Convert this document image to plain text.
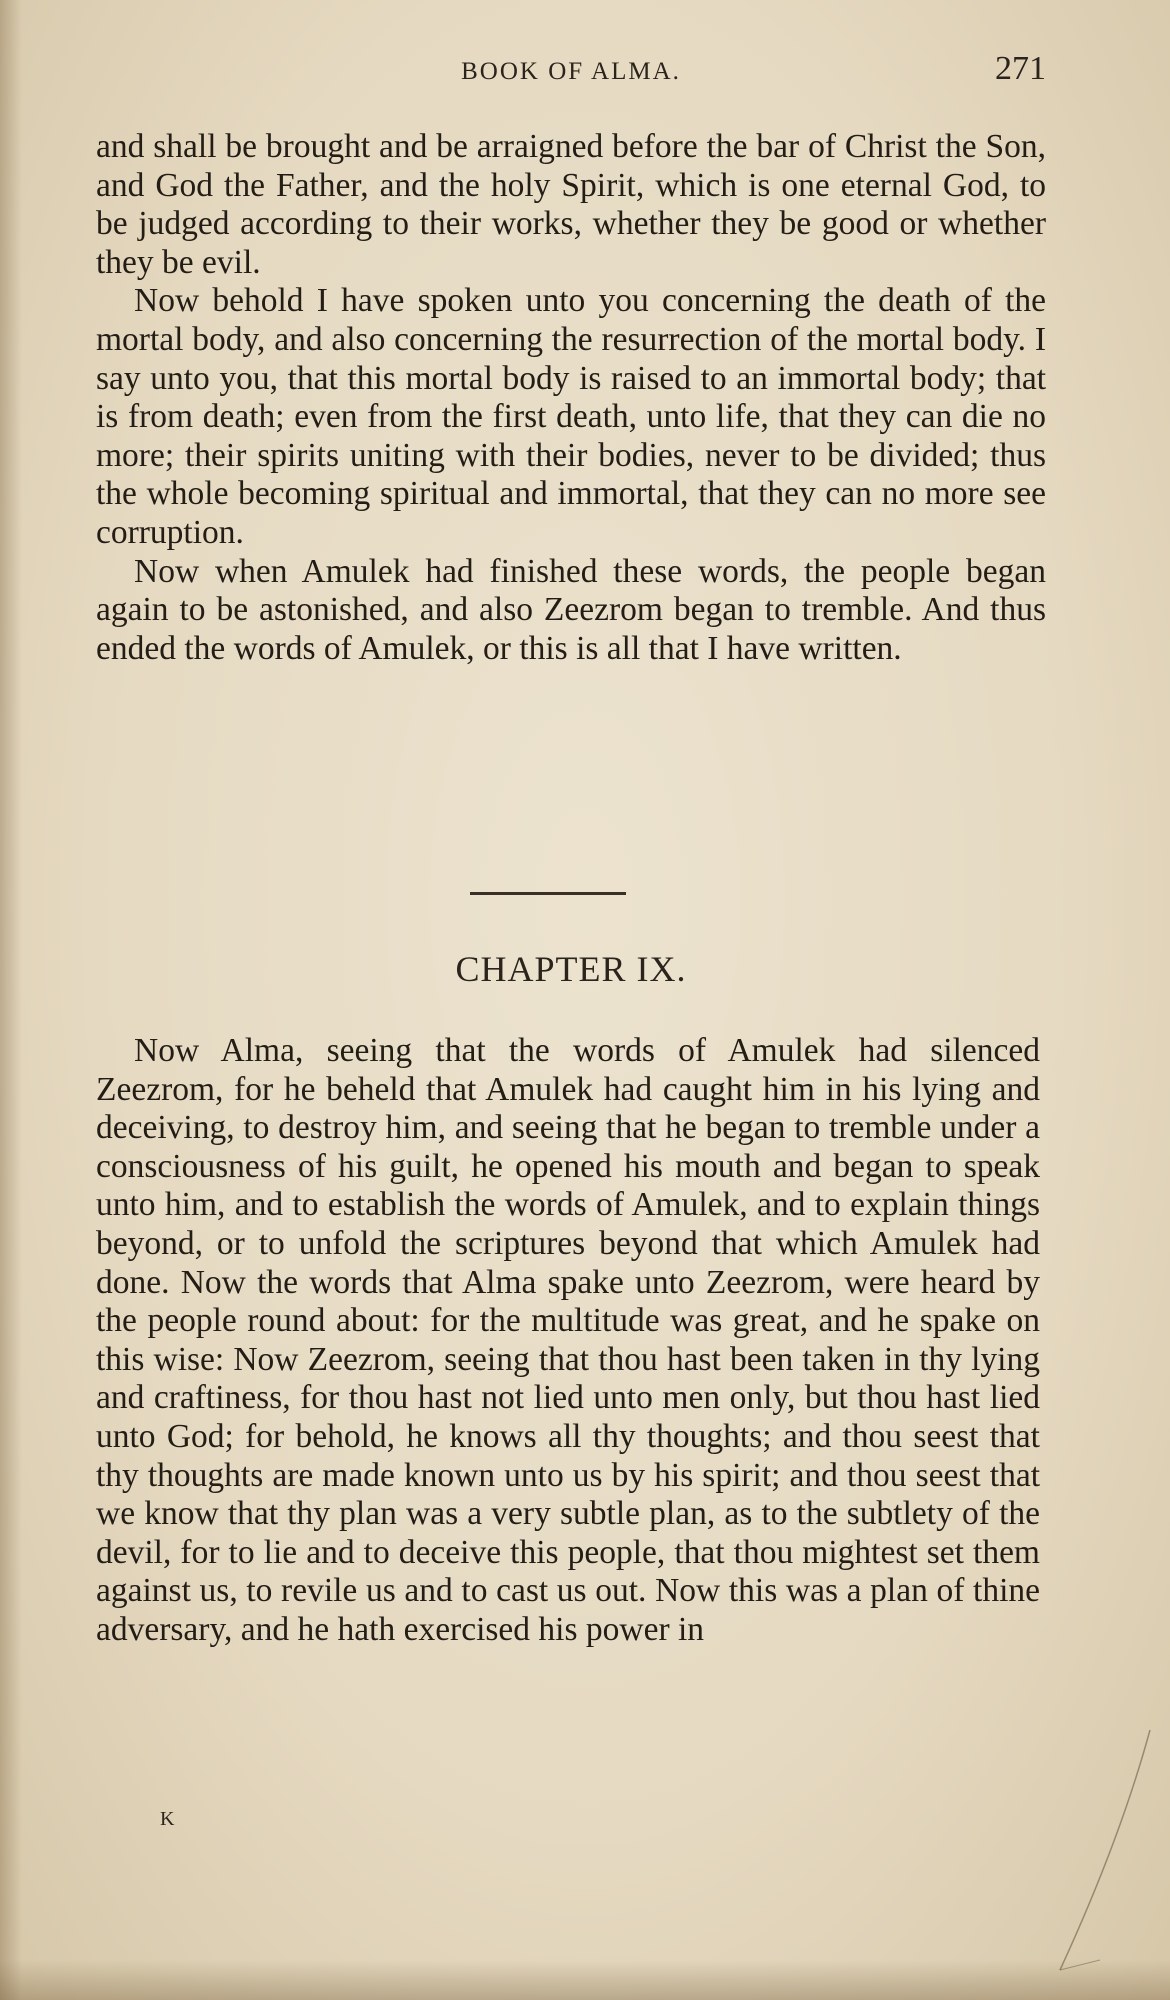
BOOK OF ALMA.	271

and shall be brought and be arraigned before the bar of Christ the Son, and God the Father, and the holy Spirit, which is one eternal God, to be judged according to their works, whether they be good or whether they be evil.

Now behold I have spoken unto you concerning the death of the mortal body, and also concerning the resurrection of the mortal body. I say unto you, that this mortal body is raised to an immortal body; that is from death; even from the first death, unto life, that they can die no more; their spirits uniting with their bodies, never to be divided; thus the whole becoming spiritual and immortal, that they can no more see corruption.

Now when Amulek had finished these words, the people began again to be astonished, and also Zeezrom began to tremble. And thus ended the words of Amulek, or this is all that I have written.

CHAPTER IX.

Now Alma, seeing that the words of Amulek had silenced Zeezrom, for he beheld that Amulek had caught him in his lying and deceiving, to destroy him, and seeing that he began to tremble under a consciousness of his guilt, he opened his mouth and began to speak unto him, and to establish the words of Amulek, and to explain things beyond, or to unfold the scriptures beyond that which Amulek had done. Now the words that Alma spake unto Zeezrom, were heard by the people round about: for the multitude was great, and he spake on this wise: Now Zeezrom, seeing that thou hast been taken in thy lying and craftiness, for thou hast not lied unto men only, but thou hast lied unto God; for behold, he knows all thy thoughts; and thou seest that thy thoughts are made known unto us by his spirit; and thou seest that we know that thy plan was a very subtle plan, as to the subtlety of the devil, for to lie and to deceive this people, that thou mightest set them against us, to revile us and to cast us out. Now this was a plan of thine adversary, and he hath exercised his power in

K
